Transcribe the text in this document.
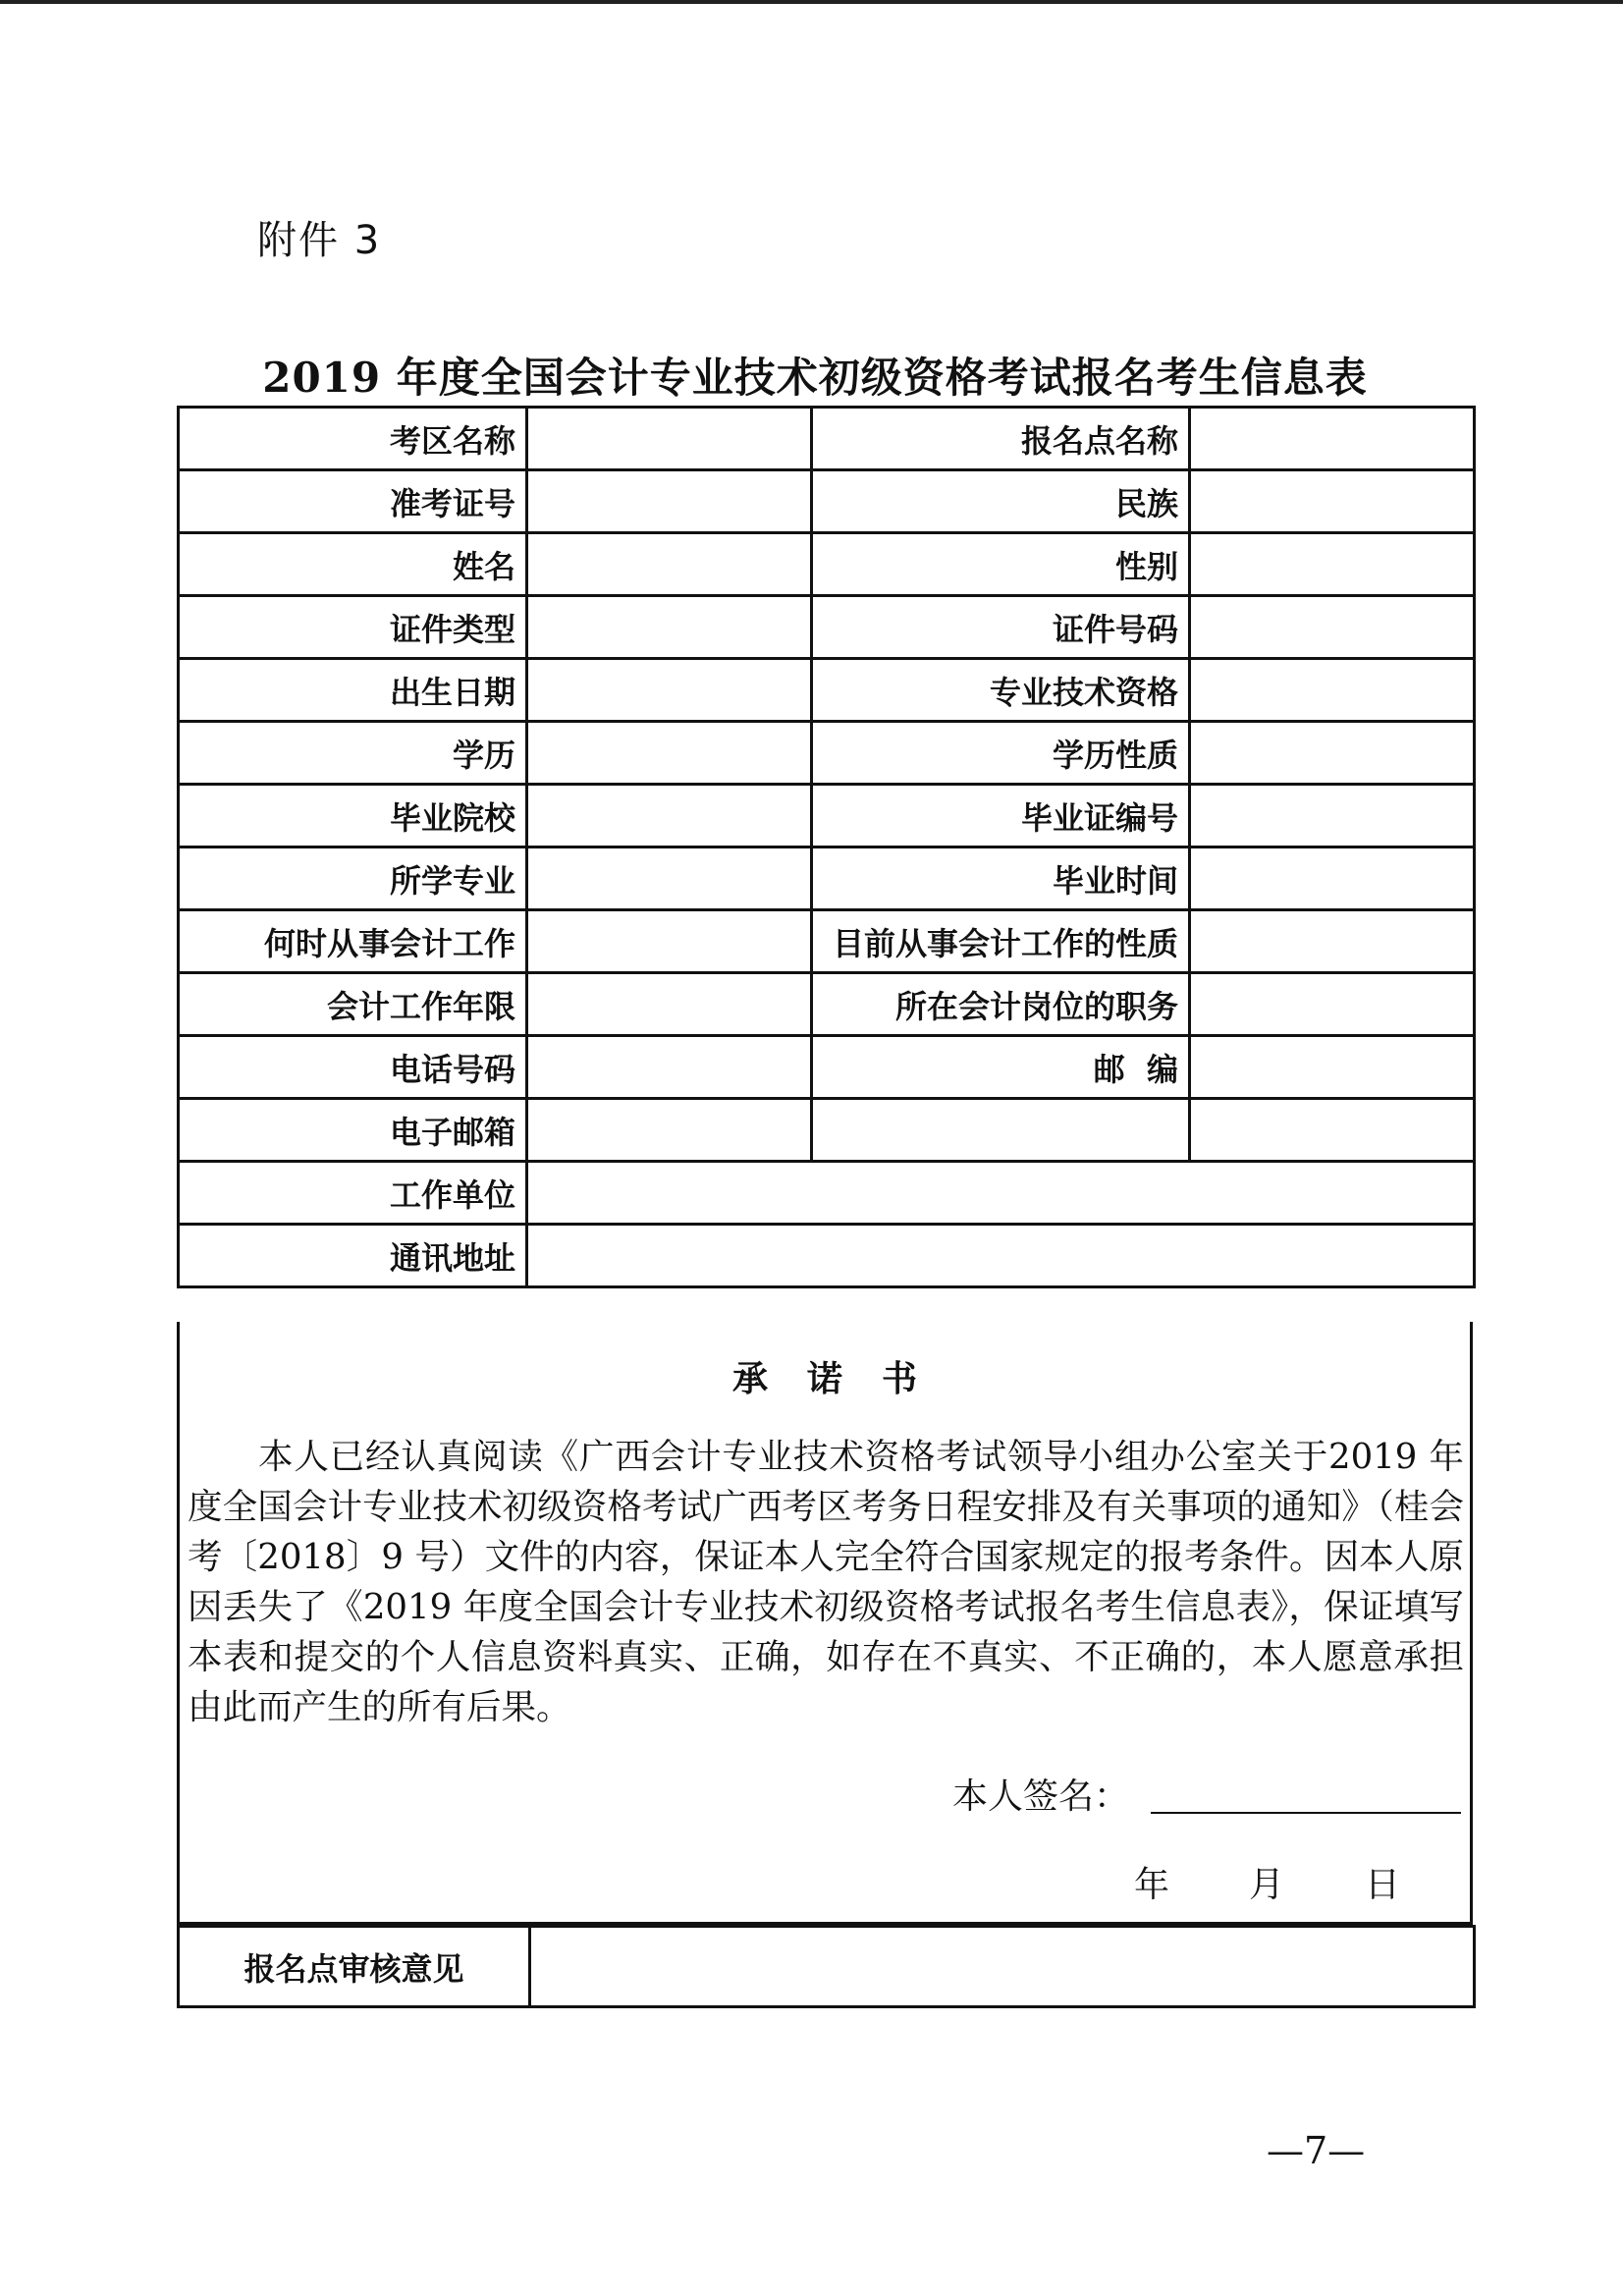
附件 3
2019 年度全国会计专业技术初级资格考试报名考生信息表
考区名称		报名点名称	
准考证号		民族	
姓名		性别	
证件类型		证件号码	
出生日期		专业技术资格	
学历		学历性质	
毕业院校		毕业证编号	
所学专业		毕业时间	
何时从事会计工作		目前从事会计工作的性质	
会计工作年限		所在会计岗位的职务	
电话号码		邮  编	
电子邮箱			
工作单位			
通讯地址			
承诺书
本人已经认真阅读《广西会计专业技术资格考试领导小组办公室关于2019 年度全国会计专业技术初级资格考试广西考区考务日程安排及有关事项的通知》（桂会考〔2018〕9 号）文件的内容，保证本人完全符合国家规定的报考条件。因本人原因丢失了《2019 年度全国会计专业技术初级资格考试报名考生信息表》，保证填写本表和提交的个人信息资料真实、正确，如存在不真实、不正确的，本人愿意承担由此而产生的所有后果。
本人签名：
年 月 日
报名点审核意见	
—7—
